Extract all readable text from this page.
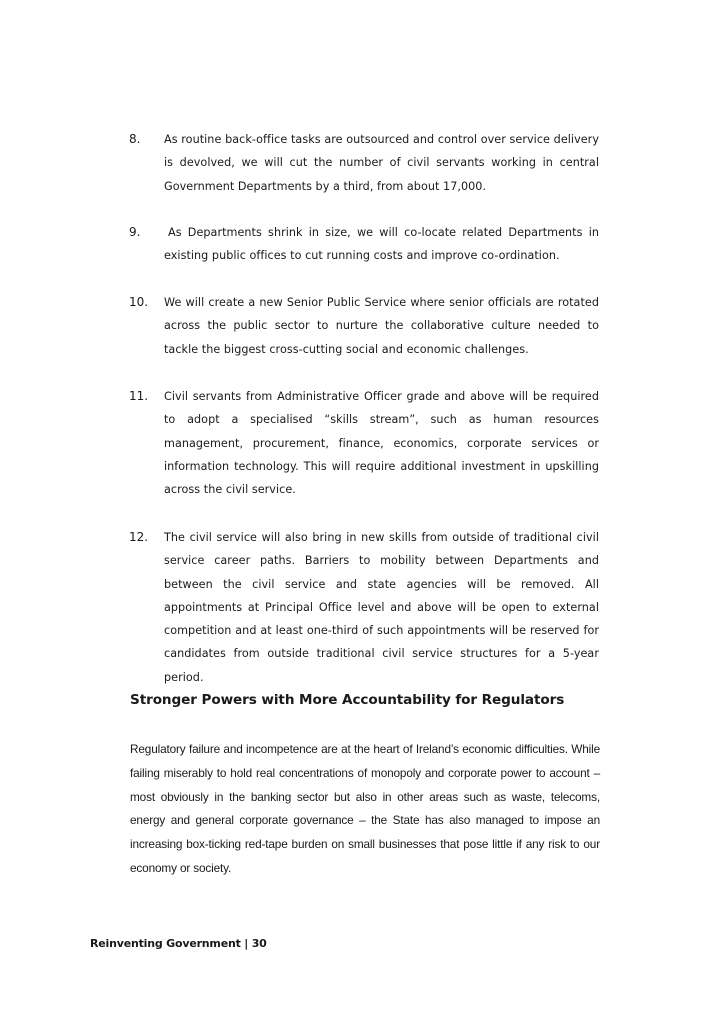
8. As routine back-office tasks are outsourced and control over service delivery is devolved, we will cut the number of civil servants working in central Government Departments by a third, from about 17,000.
9.	As Departments shrink in size, we will co-locate related Departments in existing public offices to cut running costs and improve co-ordination.
10. We will create a new Senior Public Service where senior officials are rotated across the public sector to nurture the collaborative culture needed to tackle the biggest cross-cutting social and economic challenges.
11. Civil servants from Administrative Officer grade and above will be required to adopt a specialised “skills stream”, such as human resources management, procurement, finance, economics, corporate services or information technology. This will require additional investment in upskilling across the civil service.
12. The civil service will also bring in new skills from outside of traditional civil service career paths. Barriers to mobility between Departments and between the civil service and state agencies will be removed. All appointments at Principal Office level and above will be open to external competition and at least one-third of such appointments will be reserved for candidates from outside traditional civil service structures for a 5-year period.
Stronger Powers with More Accountability for Regulators
Regulatory failure and incompetence are at the heart of Ireland’s economic difficulties. While failing miserably to hold real concentrations of monopoly and corporate power to account – most obviously in the banking sector but also in other areas such as waste, telecoms, energy and general corporate governance – the State has also managed to impose an increasing box-ticking red-tape burden on small businesses that pose little if any risk to our economy or society.
Reinventing Government | 30
